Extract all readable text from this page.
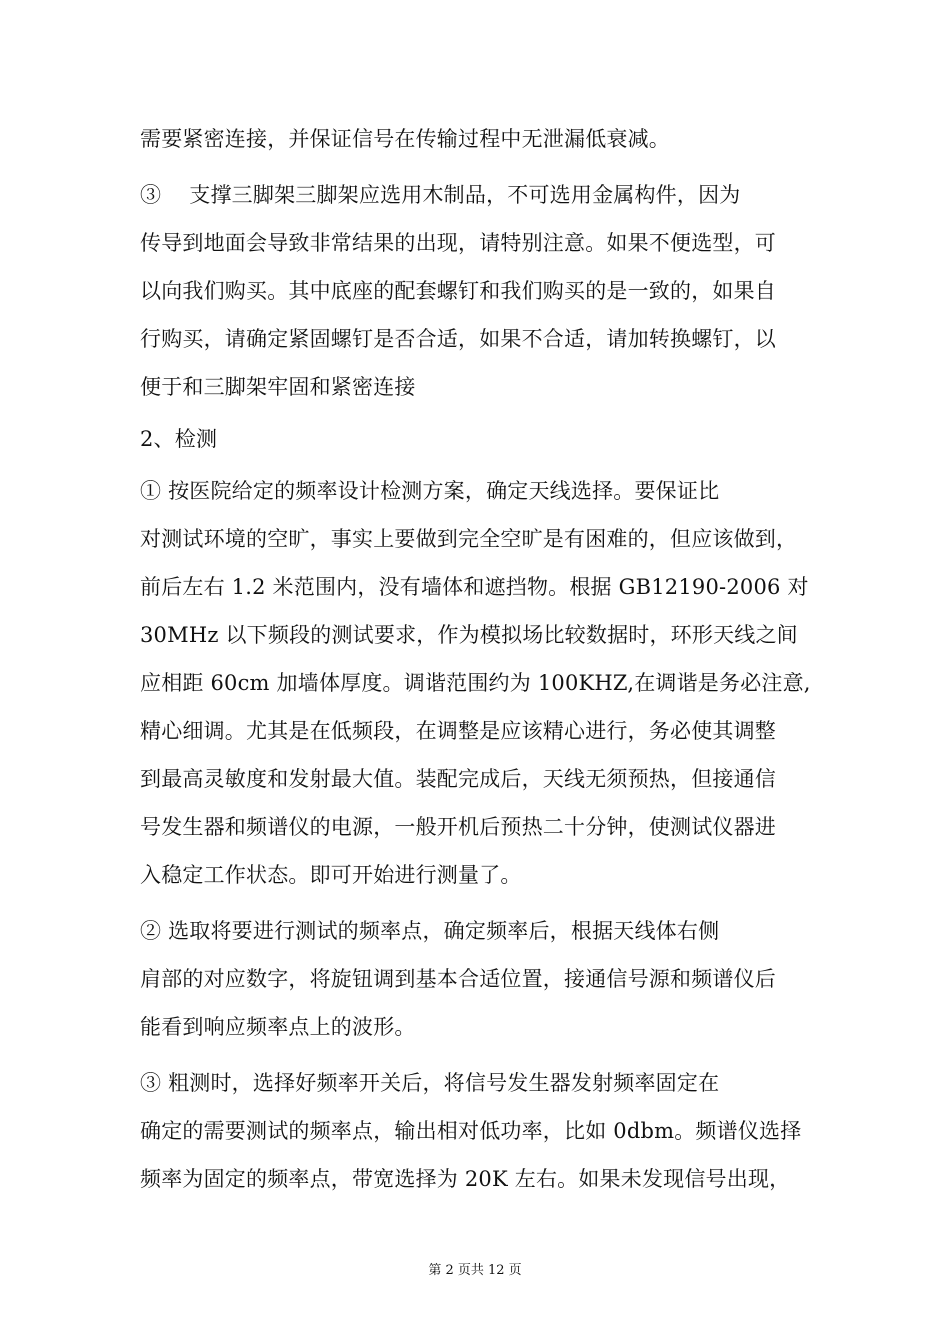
需要紧密连接，并保证信号在传输过程中无泄漏低衰减。
③　 支撑三脚架三脚架应选用木制品，不可选用金属构件，因为
传导到地面会导致非常结果的出现，请特别注意。如果不便选型，可
以向我们购买。其中底座的配套螺钉和我们购买的是一致的，如果自
行购买，请确定紧固螺钉是否合适，如果不合适，请加转换螺钉，以
便于和三脚架牢固和紧密连接
2、检测
① 按医院给定的频率设计检测方案，确定天线选择。要保证比
对测试环境的空旷，事实上要做到完全空旷是有困难的，但应该做到，
前后左右 1.2 米范围内，没有墙体和遮挡物。根据 GB12190-2006 对
30MHz 以下频段的测试要求，作为模拟场比较数据时，环形天线之间
应相距 60cm 加墙体厚度。调谐范围约为 100KHZ,在调谐是务必注意,
精心细调。尤其是在低频段，在调整是应该精心进行，务必使其调整
到最高灵敏度和发射最大值。装配完成后，天线无须预热，但接通信
号发生器和频谱仪的电源，一般开机后预热二十分钟，使测试仪器进
入稳定工作状态。即可开始进行测量了。
② 选取将要进行测试的频率点，确定频率后，根据天线体右侧
肩部的对应数字，将旋钮调到基本合适位置，接通信号源和频谱仪后
能看到响应频率点上的波形。
③ 粗测时，选择好频率开关后，将信号发生器发射频率固定在
确定的需要测试的频率点，输出相对低功率，比如 0dbm。频谱仪选择
频率为固定的频率点，带宽选择为 20K 左右。如果未发现信号出现，
第 2 页共 12 页
